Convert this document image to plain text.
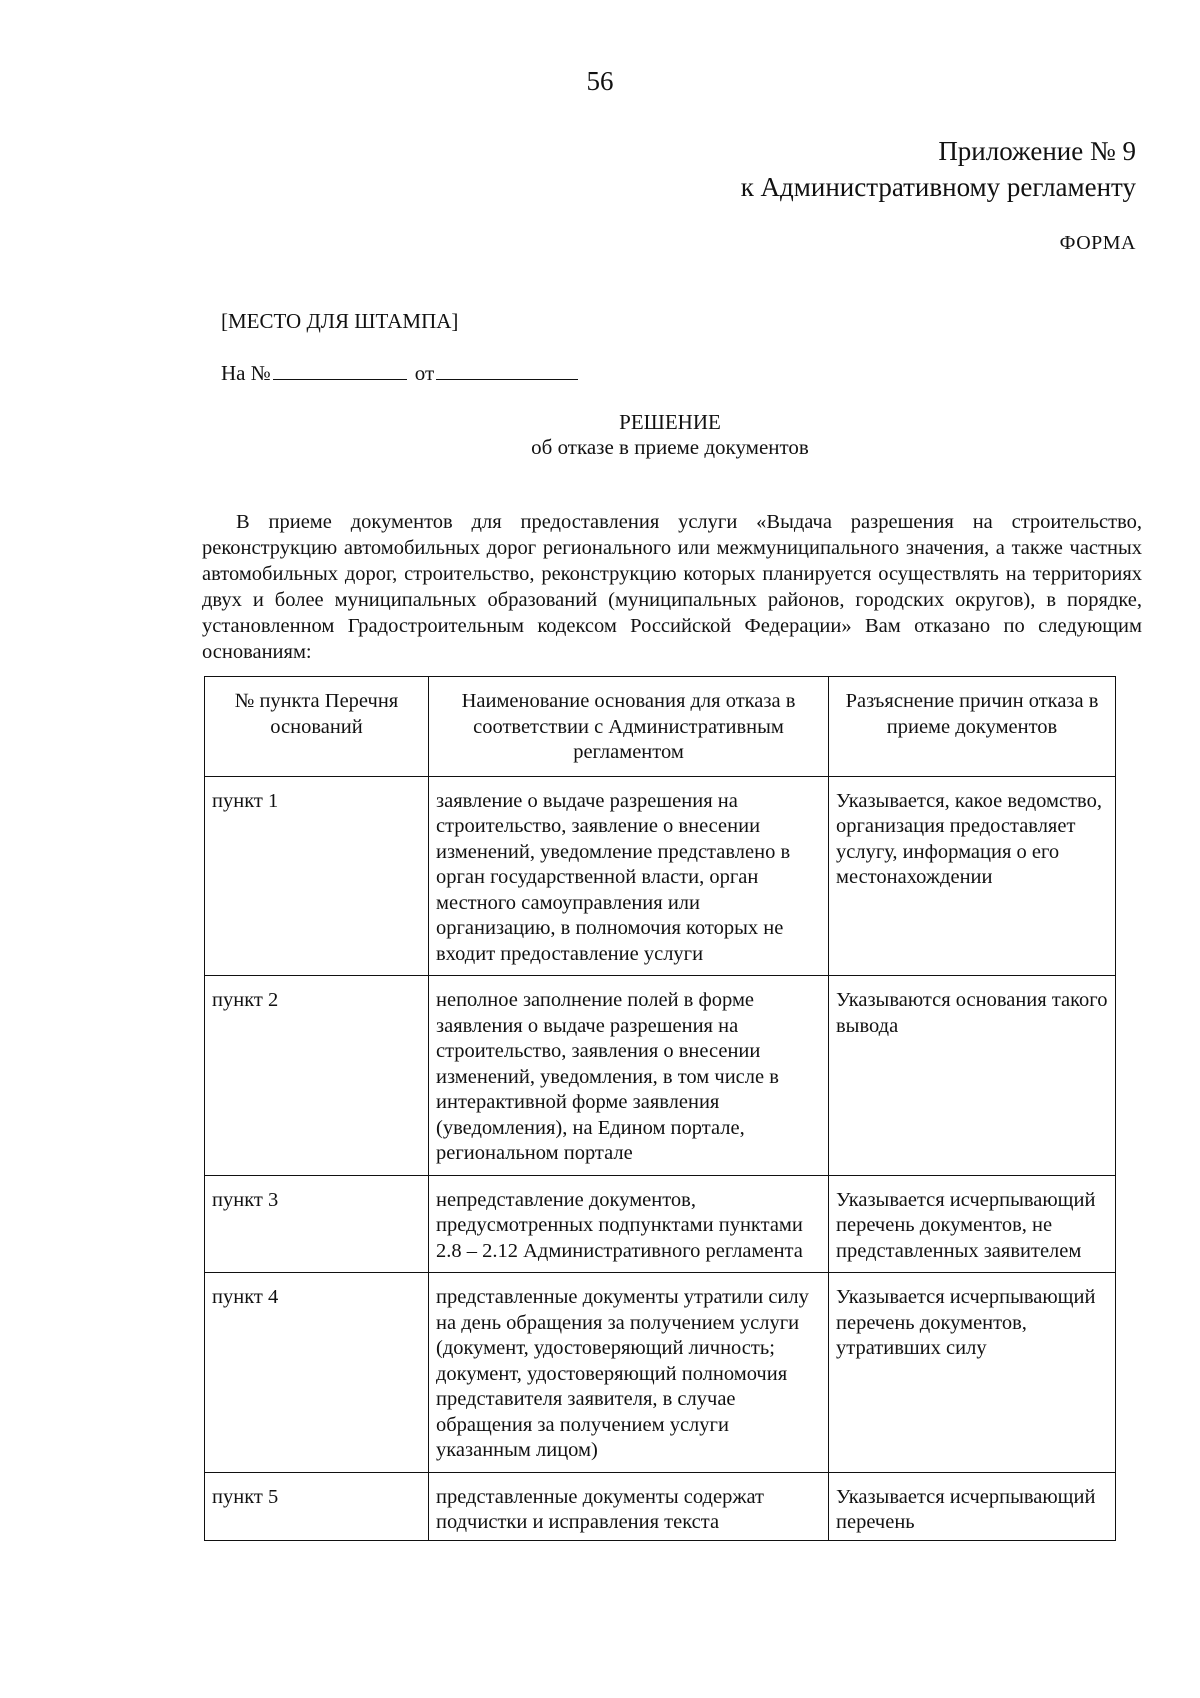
56
Приложение № 9
к Административному регламенту
ФОРМА
[МЕСТО ДЛЯ ШТАМПА]
На №	от
РЕШЕНИЕ
об отказе в приеме документов

В приеме документов для предоставления услуги «Выдача разрешения на строительство, реконструкцию автомобильных дорог регионального или межмуниципального значения, а также частных автомобильных дорог, строительство, реконструкцию которых планируется осуществлять на территориях двух и более муниципальных образований (муниципальных районов, городских округов), в порядке, установленном Градостроительным кодексом Российской Федерации» Вам отказано по следующим основаниям:

№ пункта Перечня оснований	Наименование основания для отказа в соответствии с Административным регламентом	Разъяснение причин отказа в приеме документов
пункт 1	заявление о выдаче разрешения на строительство, заявление о внесении изменений, уведомление представлено в орган государственной власти, орган местного самоуправления или организацию, в полномочия которых не входит предоставление услуги	Указывается, какое ведомство, организация предоставляет услугу, информация о его местонахождении
пункт 2	неполное заполнение полей в форме заявления о выдаче разрешения на строительство, заявления о внесении изменений, уведомления, в том числе в интерактивной форме заявления (уведомления), на Едином портале, региональном портале	Указываются основания такого вывода
пункт 3	непредставление документов, предусмотренных подпунктами пунктами 2.8 – 2.12 Административного регламента	Указывается исчерпывающий перечень документов, не представленных заявителем
пункт 4	представленные документы утратили силу на день обращения за получением услуги (документ, удостоверяющий личность; документ, удостоверяющий полномочия представителя заявителя, в случае обращения за получением услуги указанным лицом)	Указывается исчерпывающий перечень документов, утративших силу
пункт 5	представленные документы содержат подчистки и исправления текста	Указывается исчерпывающий перечень
